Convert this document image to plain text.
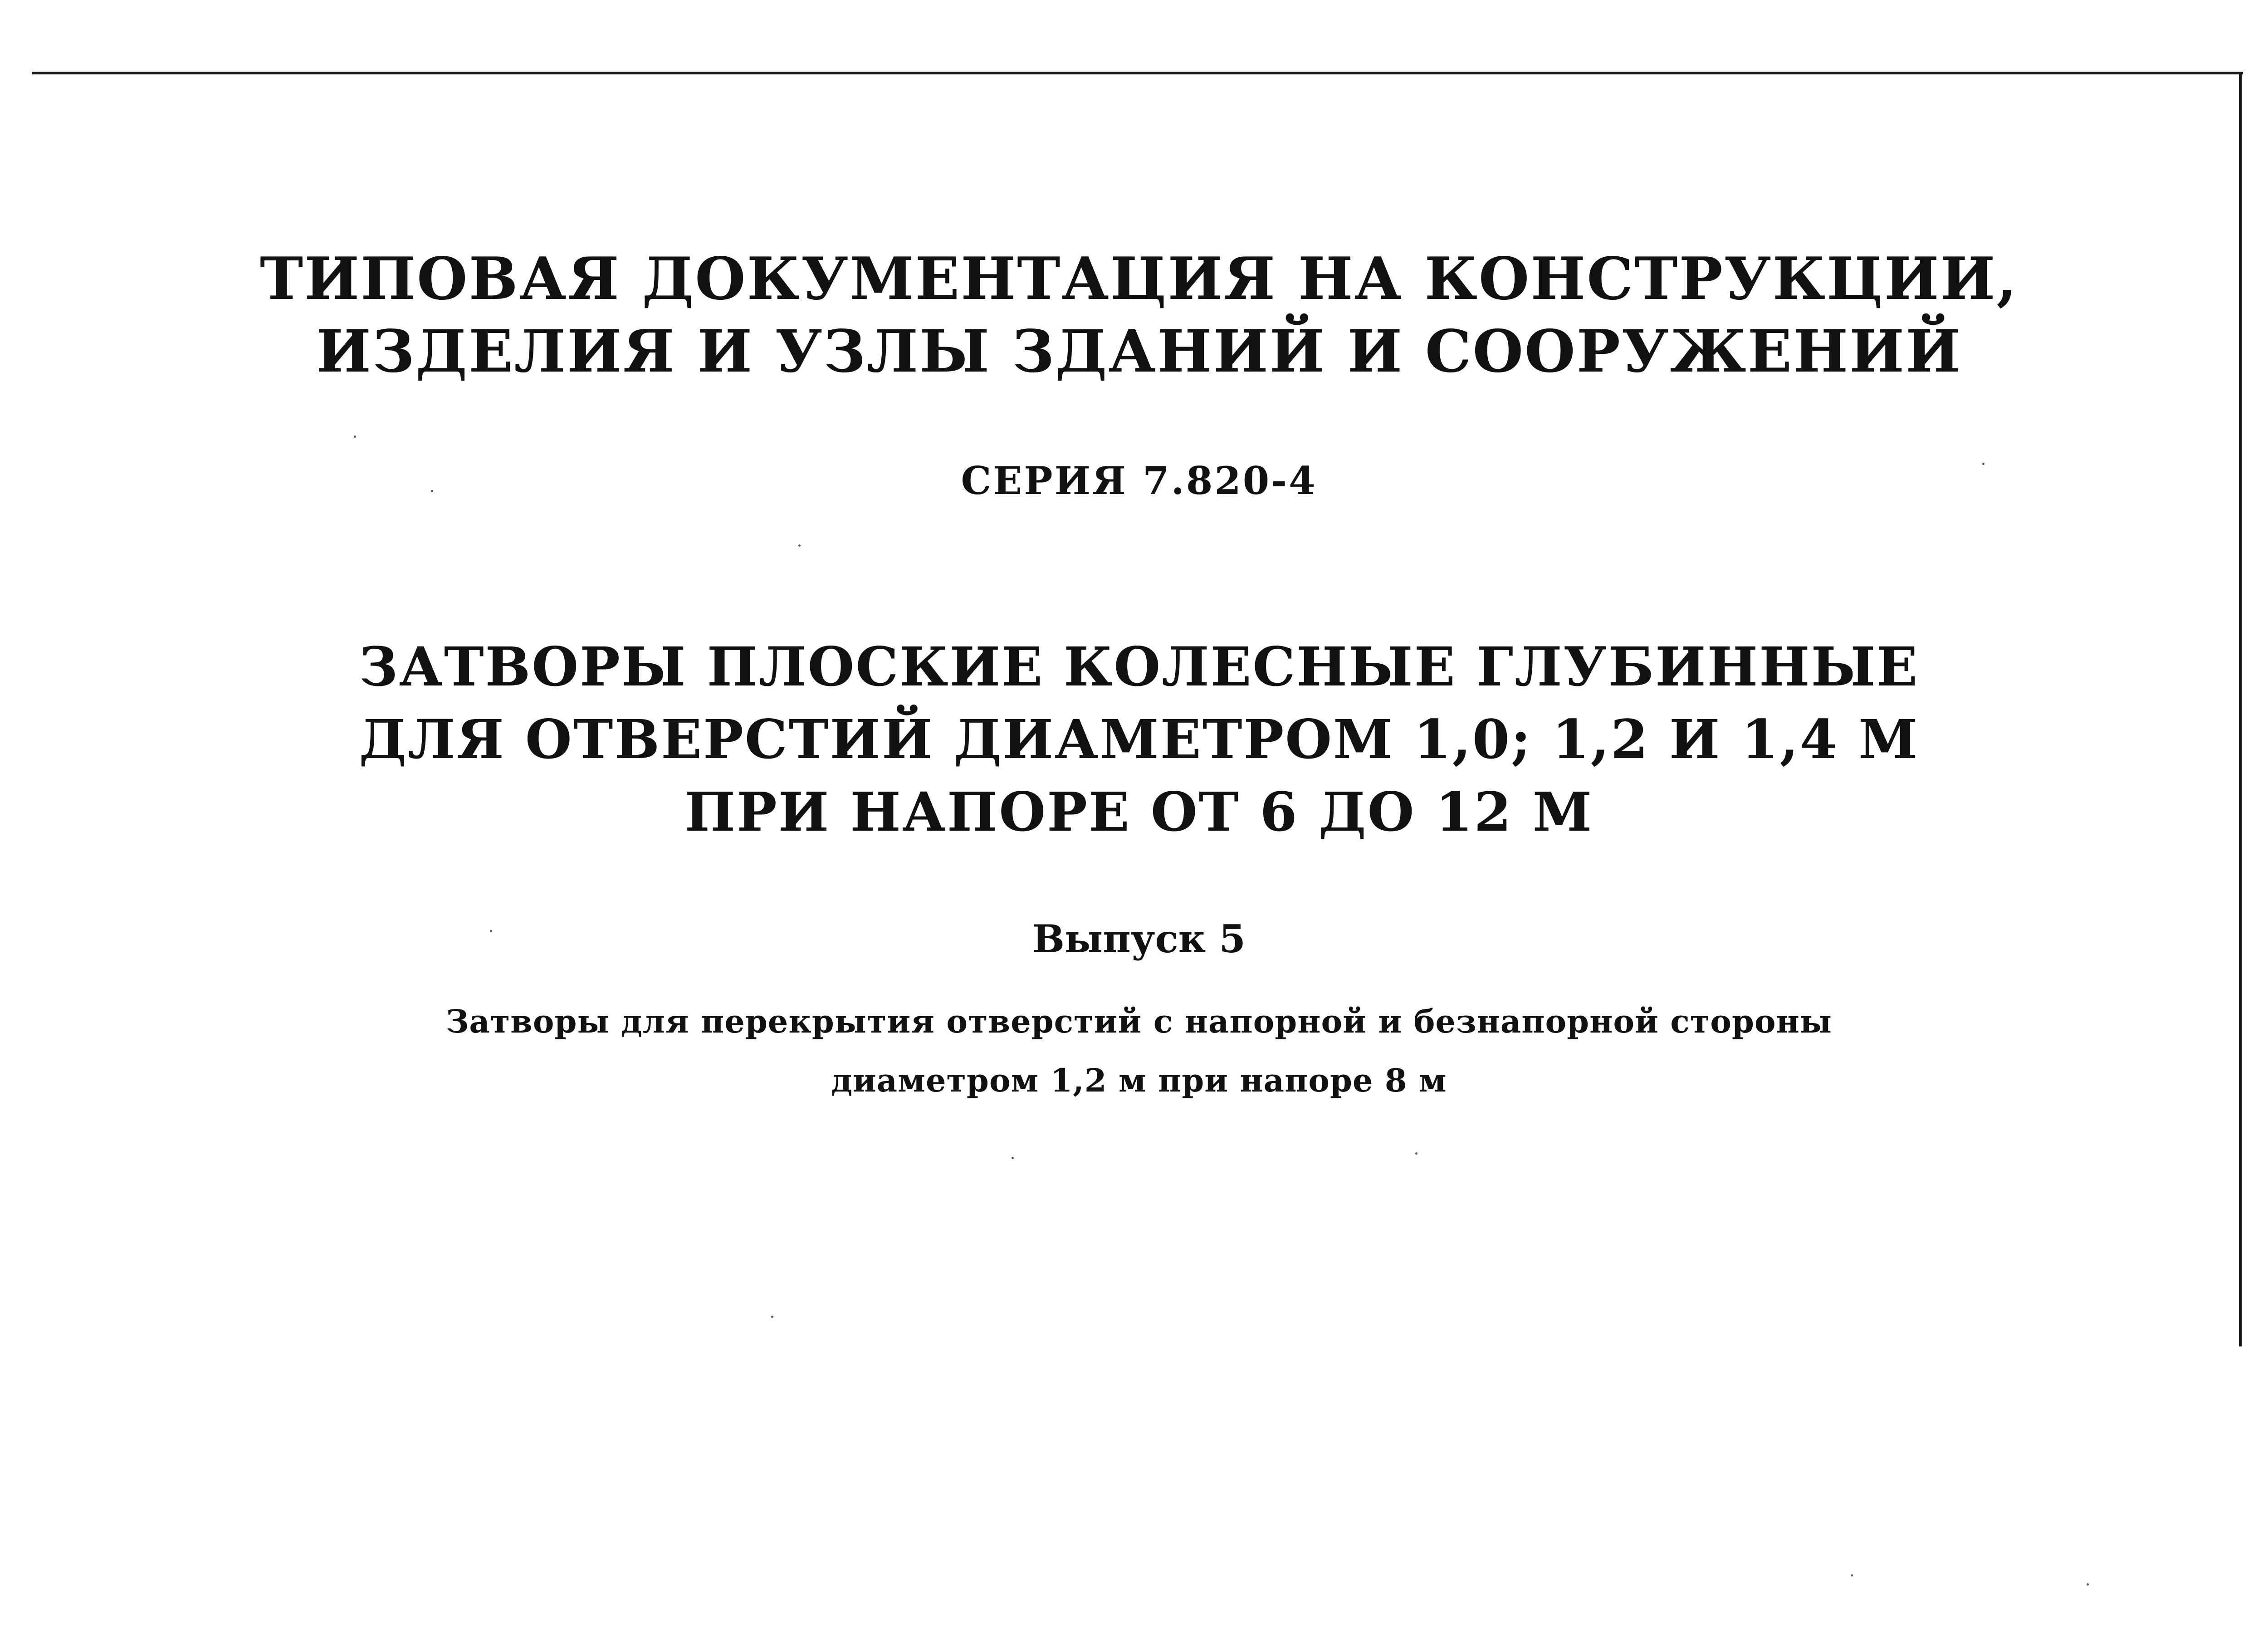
ТИПОВАЯ ДОКУМЕНТАЦИЯ НА КОНСТРУКЦИИ,
ИЗДЕЛИЯ И УЗЛЫ ЗДАНИЙ И СООРУЖЕНИЙ
СЕРИЯ 7.820-4
ЗАТВОРЫ ПЛОСКИЕ КОЛЕСНЫЕ ГЛУБИННЫЕ
ДЛЯ ОТВЕРСТИЙ ДИАМЕТРОМ 1,0; 1,2 И 1,4 М
ПРИ НАПОРЕ ОТ 6 ДО 12 М
Выпуск 5
Затворы для перекрытия отверстий с напорной и безнапорной стороны
диаметром 1,2 м при напоре 8 м
